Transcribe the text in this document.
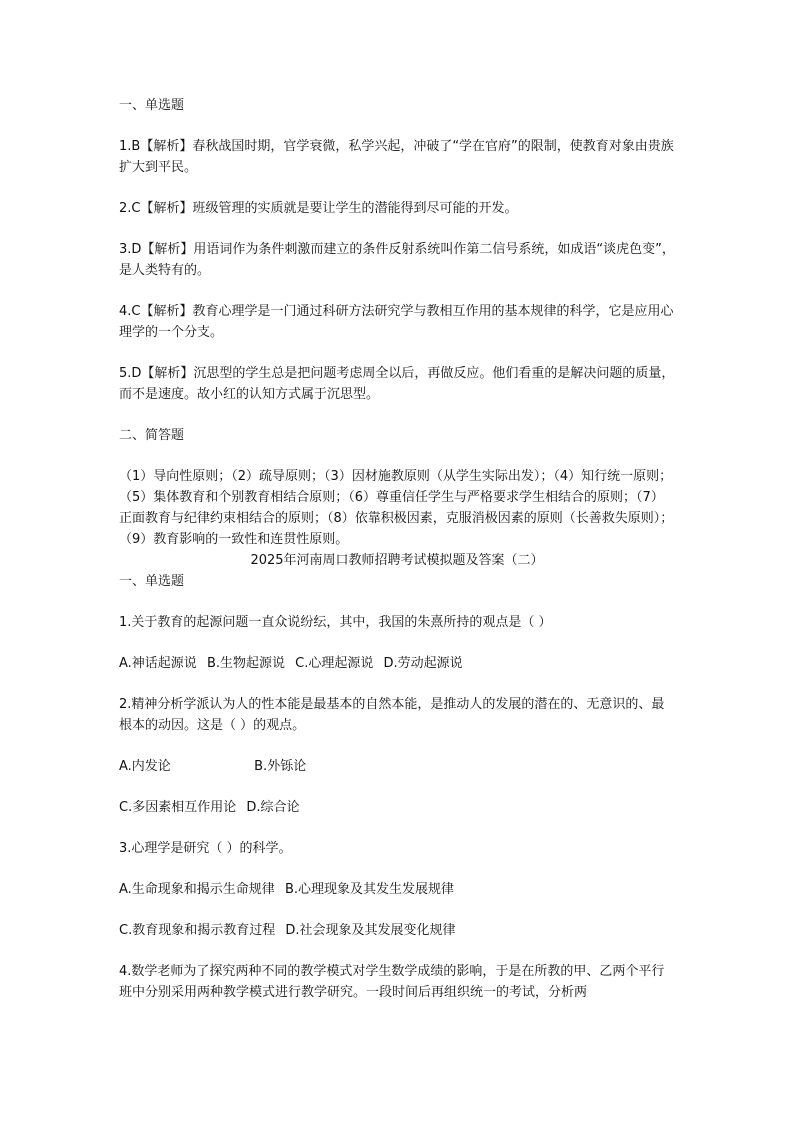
一、单选题

1.B【解析】春秋战国时期，官学衰微，私学兴起，冲破了“学在官府”的限制，使教育对象由贵族扩大到平民。

2.C【解析】班级管理的实质就是要让学生的潜能得到尽可能的开发。

3.D【解析】用语词作为条件刺激而建立的条件反射系统叫作第二信号系统，如成语“谈虎色变”，是人类特有的。

4.C【解析】教育心理学是一门通过科研方法研究学与教相互作用的基本规律的科学，它是应用心理学的一个分支。

5.D【解析】沉思型的学生总是把问题考虑周全以后，再做反应。他们看重的是解决问题的质量，而不是速度。故小红的认知方式属于沉思型。

二、简答题

（1）导向性原则；（2）疏导原则；（3）因材施教原则（从学生实际出发）；（4）知行统一原则；（5）集体教育和个别教育相结合原则；（6）尊重信任学生与严格要求学生相结合的原则；（7）正面教育与纪律约束相结合的原则；（8）依靠积极因素，克服消极因素的原则（长善救失原则）；（9）教育影响的一致性和连贯性原则。

2025年河南周口教师招聘考试模拟题及答案（二）

一、单选题

1.关于教育的起源问题一直众说纷纭，其中，我国的朱熹所持的观点是（ ）

A.神话起源说 B.生物起源说 C.心理起源说 D.劳动起源说

2.精神分析学派认为人的性本能是最基本的自然本能，是推动人的发展的潜在的、无意识的、最根本的动因。这是（ ）的观点。

A.内发论	B.外铄论
C.多因素相互作用论 D.综合论

3.心理学是研究（ ）的科学。

A.生命现象和揭示生命规律 B.心理现象及其发生发展规律
C.教育现象和揭示教育过程 D.社会现象及其发展变化规律

4.数学老师为了探究两种不同的教学模式对学生数学成绩的影响，于是在所教的甲、乙两个平行班中分别采用两种教学模式进行教学研究。一段时间后再组织统一的考试，分析两
